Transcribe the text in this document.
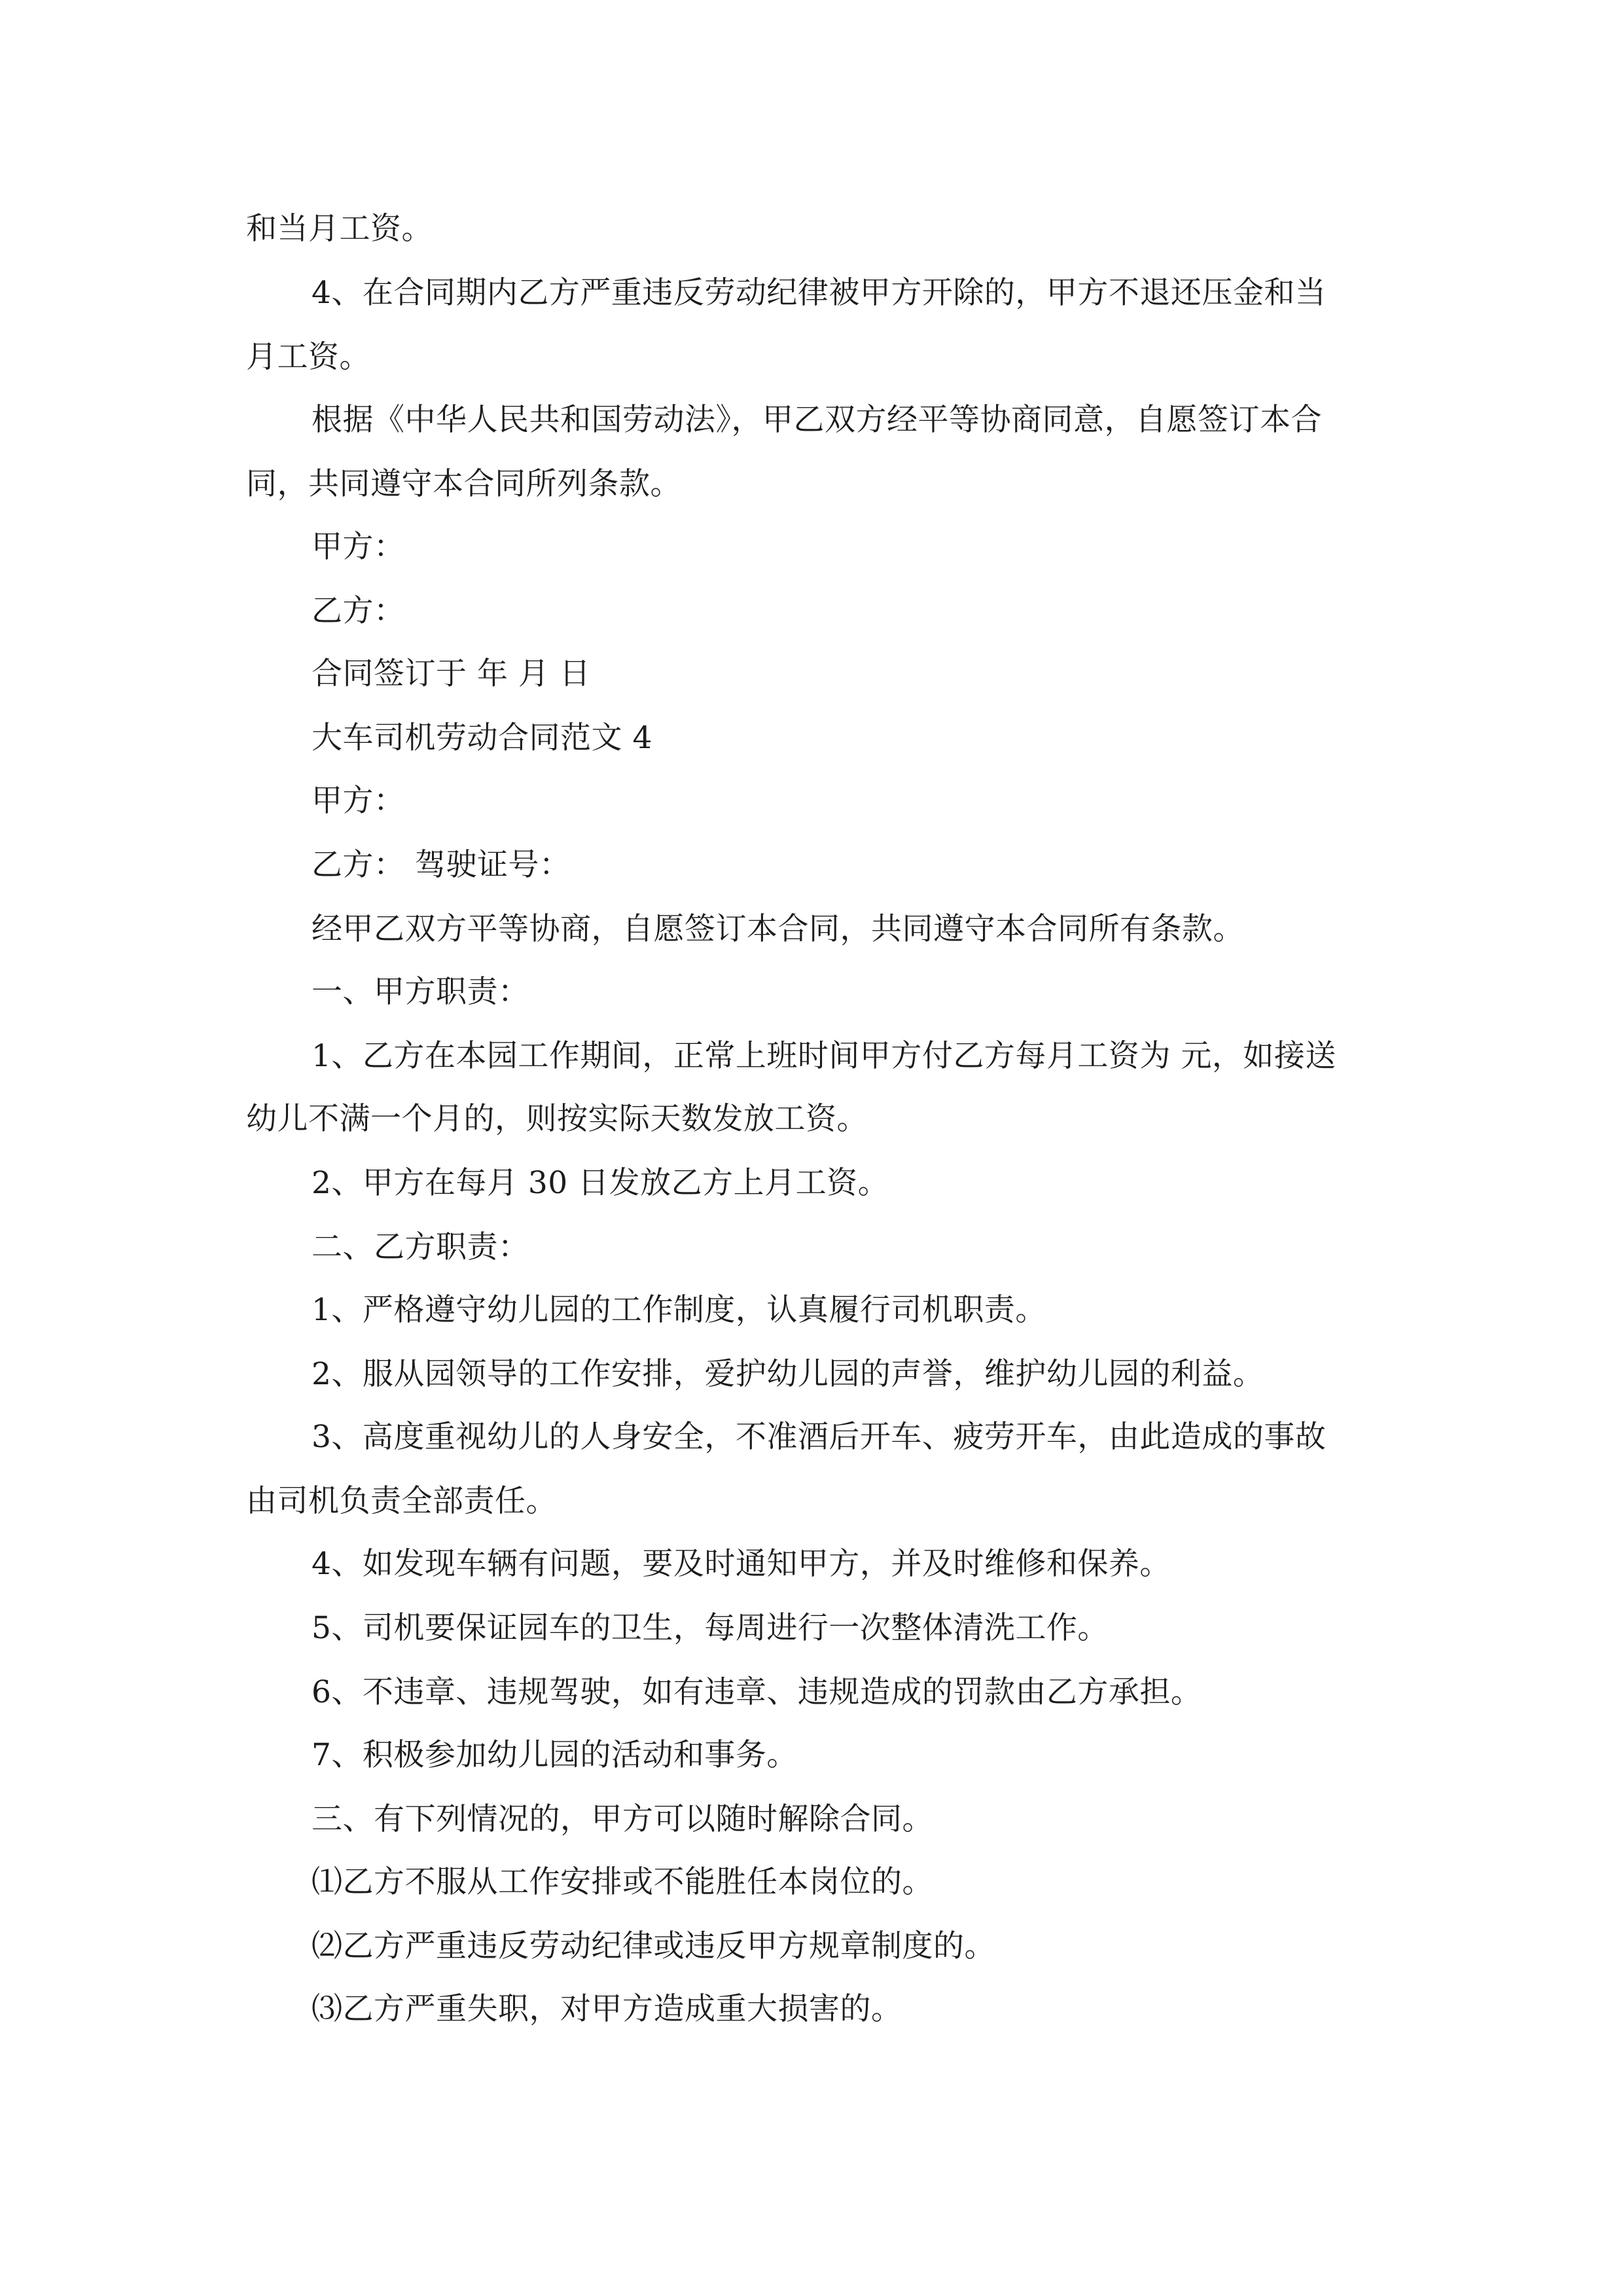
和当月工资。
4、在合同期内乙方严重违反劳动纪律被甲方开除的，甲方不退还压金和当
月工资。
根据《中华人民共和国劳动法》，甲乙双方经平等协商同意，自愿签订本合
同，共同遵守本合同所列条款。
甲方：
乙方：
合同签订于 年 月 日
大车司机劳动合同范文 4
甲方：
乙方： 驾驶证号：
经甲乙双方平等协商，自愿签订本合同，共同遵守本合同所有条款。
一、甲方职责：
1、乙方在本园工作期间，正常上班时间甲方付乙方每月工资为 元，如接送
幼儿不满一个月的，则按实际天数发放工资。
2、甲方在每月 30 日发放乙方上月工资。
二、乙方职责：
1、严格遵守幼儿园的工作制度，认真履行司机职责。
2、服从园领导的工作安排，爱护幼儿园的声誉，维护幼儿园的利益。
3、高度重视幼儿的人身安全，不准酒后开车、疲劳开车，由此造成的事故
由司机负责全部责任。
4、如发现车辆有问题，要及时通知甲方，并及时维修和保养。
5、司机要保证园车的卫生，每周进行一次整体清洗工作。
6、不违章、违规驾驶，如有违章、违规造成的罚款由乙方承担。
7、积极参加幼儿园的活动和事务。
三、有下列情况的，甲方可以随时解除合同。
⑴乙方不服从工作安排或不能胜任本岗位的。
⑵乙方严重违反劳动纪律或违反甲方规章制度的。
⑶乙方严重失职，对甲方造成重大损害的。
